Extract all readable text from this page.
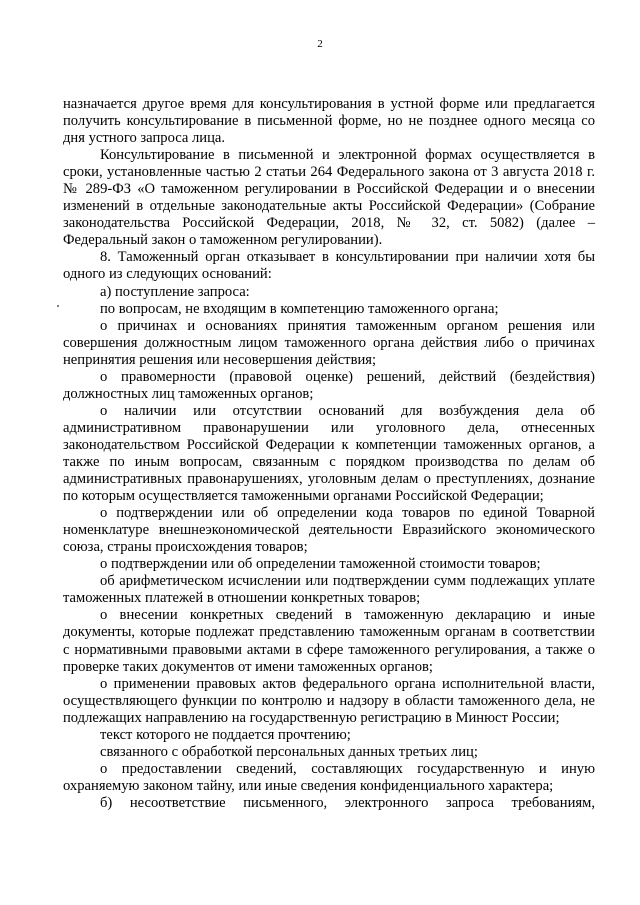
2

назначается другое время для консультирования в устной форме или предлагается получить консультирование в письменной форме, но не позднее одного месяца со дня устного запроса лица.

Консультирование в письменной и электронной формах осуществляется в сроки, установленные частью 2 статьи 264 Федерального закона от 3 августа 2018 г. № 289-ФЗ «О таможенном регулировании в Российской Федерации и о внесении изменений в отдельные законодательные акты Российской Федерации» (Собрание законодательства Российской Федерации, 2018, № 32, ст. 5082) (далее – Федеральный закон о таможенном регулировании).

8. Таможенный орган отказывает в консультировании при наличии хотя бы одного из следующих оснований:

а) поступление запроса:

по вопросам, не входящим в компетенцию таможенного органа;

о причинах и основаниях принятия таможенным органом решения или совершения должностным лицом таможенного органа действия либо о причинах непринятия решения или несовершения действия;

о правомерности (правовой оценке) решений, действий (бездействия) должностных лиц таможенных органов;

о наличии или отсутствии оснований для возбуждения дела об административном правонарушении или уголовного дела, отнесенных законодательством Российской Федерации к компетенции таможенных органов, а также по иным вопросам, связанным с порядком производства по делам об административных правонарушениях, уголовным делам о преступлениях, дознание по которым осуществляется таможенными органами Российской Федерации;

о подтверждении или об определении кода товаров по единой Товарной номенклатуре внешнеэкономической деятельности Евразийского экономического союза, страны происхождения товаров;

о подтверждении или об определении таможенной стоимости товаров;

об арифметическом исчислении или подтверждении сумм подлежащих уплате таможенных платежей в отношении конкретных товаров;

о внесении конкретных сведений в таможенную декларацию и иные документы, которые подлежат представлению таможенным органам в соответствии с нормативными правовыми актами в сфере таможенного регулирования, а также о проверке таких документов от имени таможенных органов;

о применении правовых актов федерального органа исполнительной власти, осуществляющего функции по контролю и надзору в области таможенного дела, не подлежащих направлению на государственную регистрацию в Минюст России;

текст которого не поддается прочтению;

связанного с обработкой персональных данных третьих лиц;

о предоставлении сведений, составляющих государственную и иную охраняемую законом тайну, или иные сведения конфиденциального характера;

б) несоответствие письменного, электронного запроса требованиям,
